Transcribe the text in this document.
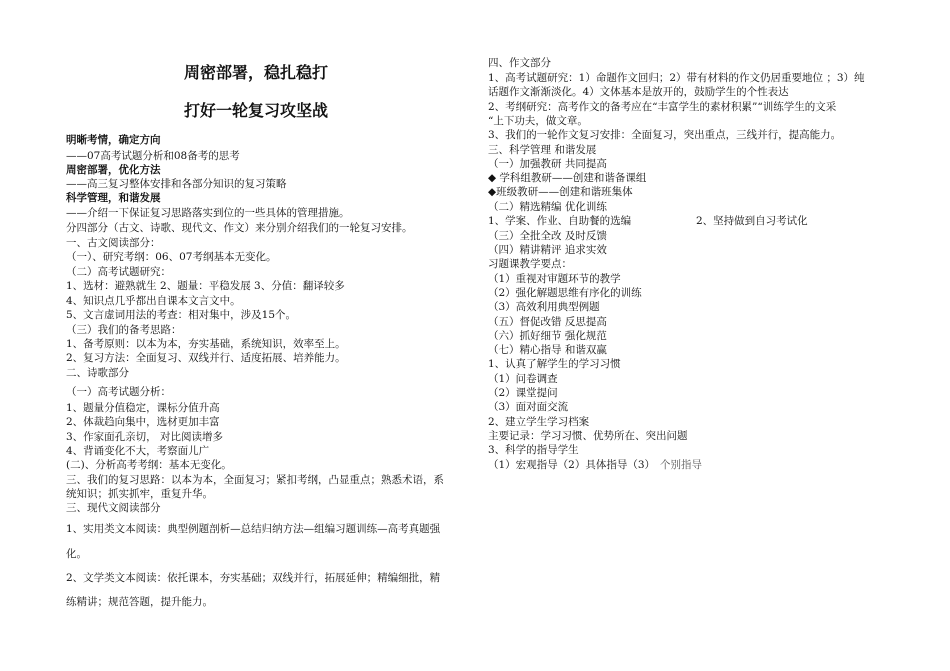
周密部署，稳扎稳打
打好一轮复习攻坚战
明晰考情，确定方向
——07高考试题分析和08备考的思考
周密部署，优化方法
——高三复习整体安排和各部分知识的复习策略
科学管理，和谐发展
——介绍一下保证复习思路落实到位的一些具体的管理措施。
分四部分（古文、诗歌、现代文、作文）来分别介绍我们的一轮复习安排。
一、古文阅读部分：
（一）、研究考纲：06、07考纲基本无变化。
（二）高考试题研究：
1、选材：避熟就生 2、题量：平稳发展 3、分值：翻译较多
4、知识点几乎都出自课本文言文中。
5、文言虚词用法的考查：相对集中，涉及15个。
（三）我们的备考思路：
1、备考原则：以本为本，夯实基础，系统知识，效率至上。
2、复习方法：全面复习、双线并行、适度拓展、培养能力。
二、诗歌部分
（一）高考试题分析：
1、题量分值稳定，课标分值升高
2、体裁趋向集中，选材更加丰富
3、作家面孔亲切， 对比阅读增多
4、背诵变化不大，考察面儿广
(二)、分析高考考纲：基本无变化。
三、我们的复习思路：以本为本，全面复习；紧扣考纲，凸显重点；熟悉术语，系
统知识；抓实抓牢，重复升华。
三、现代文阅读部分
1、实用类文本阅读：典型例题剖析—总结归纳方法—组编习题训练—高考真题强
化。
2、文学类文本阅读：依托课本，夯实基础；双线并行，拓展延伸；精编细批，精
练精讲；规范答题，提升能力。
四、作文部分
1、高考试题研究：1）命题作文回归；2）带有材料的作文仍居重要地位 ；3）纯
话题作文渐渐淡化。4）文体基本是放开的，鼓励学生的个性表达
2、考纲研究：高考作文的备考应在“丰富学生的素材积累”“训练学生的文采
“上下功夫，做文章。
3、我们的一轮作文复习安排：全面复习，突出重点，三线并行，提高能力。
三、科学管理 和谐发展
（一）加强教研 共同提高
◆ 学科组教研——创建和谐备课组
◆班级教研——创建和谐班集体
（二）精选精编 优化训练
1、学案、作业、自助餐的选编	2、坚持做到自习考试化
（三）全批全改 及时反馈
（四）精讲精评 追求实效
习题课教学要点：
（1）重视对审题环节的教学
（2）强化解题思维有序化的训练
（3）高效利用典型例题
（五）督促改错 反思提高
（六）抓好细节 强化规范
（七）精心指导 和谐双赢
1、认真了解学生的学习习惯
（1）问卷调查
（2）课堂提问
（3）面对面交流
2、建立学生学习档案
主要记录：学习习惯、优势所在、突出问题
3、科学的指导学生
（1）宏观指导（2）具体指导（3） 个别指导
